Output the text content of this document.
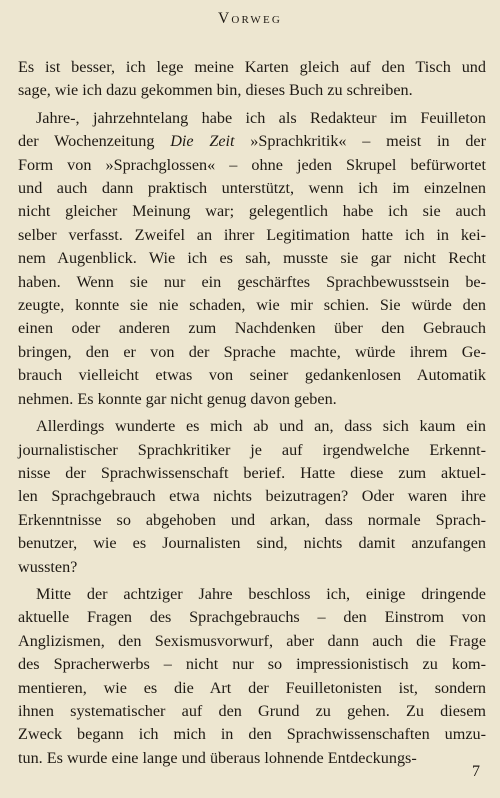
Vorweg
Es ist besser, ich lege meine Karten gleich auf den Tisch und
sage, wie ich dazu gekommen bin, dieses Buch zu schreiben.
Jahre-, jahrzehntelang habe ich als Redakteur im Feuilleton
der Wochenzeitung Die Zeit »Sprachkritik« – meist in der
Form von »Sprachglossen« – ohne jeden Skrupel befürwortet
und auch dann praktisch unterstützt, wenn ich im einzelnen
nicht gleicher Meinung war; gelegentlich habe ich sie auch
selber verfasst. Zweifel an ihrer Legitimation hatte ich in kei-
nem Augenblick. Wie ich es sah, musste sie gar nicht Recht
haben. Wenn sie nur ein geschärftes Sprachbewusstsein be-
zeugte, konnte sie nie schaden, wie mir schien. Sie würde den
einen oder anderen zum Nachdenken über den Gebrauch
bringen, den er von der Sprache machte, würde ihrem Ge-
brauch vielleicht etwas von seiner gedankenlosen Automatik
nehmen. Es konnte gar nicht genug davon geben.
Allerdings wunderte es mich ab und an, dass sich kaum ein
journalistischer Sprachkritiker je auf irgendwelche Erkennt-
nisse der Sprachwissenschaft berief. Hatte diese zum aktuel-
len Sprachgebrauch etwa nichts beizutragen? Oder waren ihre
Erkenntnisse so abgehoben und arkan, dass normale Sprach-
benutzer, wie es Journalisten sind, nichts damit anzufangen
wussten?
Mitte der achtziger Jahre beschloss ich, einige dringende
aktuelle Fragen des Sprachgebrauchs – den Einstrom von
Anglizismen, den Sexismusvorwurf, aber dann auch die Frage
des Spracherwerbs – nicht nur so impressionistisch zu kom-
mentieren, wie es die Art der Feuilletonisten ist, sondern
ihnen systematischer auf den Grund zu gehen. Zu diesem
Zweck begann ich mich in den Sprachwissenschaften umzu-
tun. Es wurde eine lange und überaus lohnende Entdeckungs-
7
